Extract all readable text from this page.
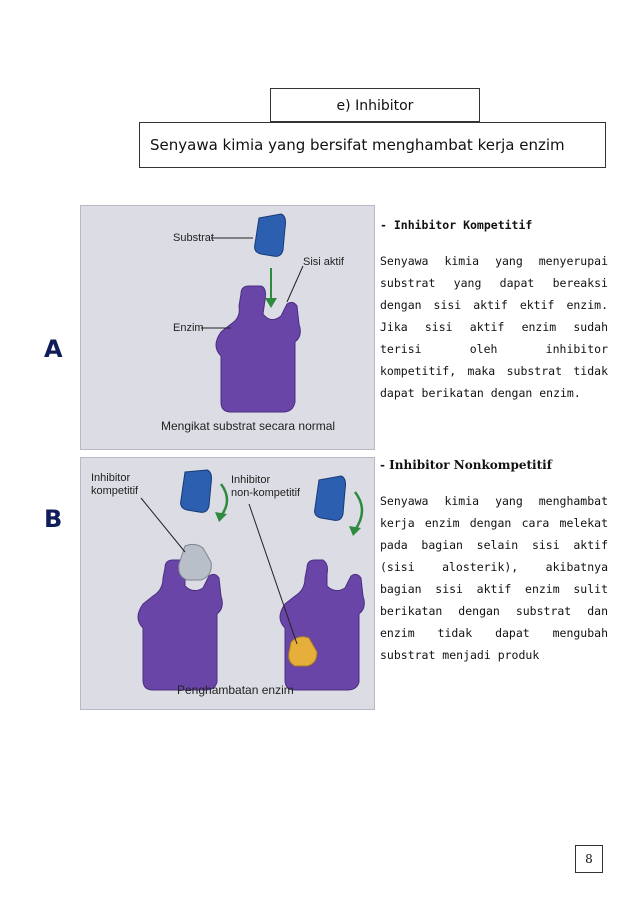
e) Inhibitor
Senyawa kimia yang bersifat menghambat kerja enzim
A
Substrat
Sisi aktif
Enzim
Mengikat substrat secara normal
B
Inhibitor
kompetitif
Inhibitor
non-kompetitif
Penghambatan enzim
- Inhibitor Kompetitif
Senyawa kimia yang menyerupai substrat yang dapat bereaksi dengan sisi aktif ektif enzim. Jika sisi aktif enzim sudah terisi oleh inhibitor kompetitif, maka substrat tidak dapat berikatan dengan enzim.
- Inhibitor Nonkompetitif
Senyawa kimia yang menghambat kerja enzim dengan cara melekat pada bagian selain sisi aktif (sisi alosterik), akibatnya bagian sisi aktif enzim sulit berikatan dengan substrat dan enzim tidak dapat mengubah substrat menjadi produk
8
